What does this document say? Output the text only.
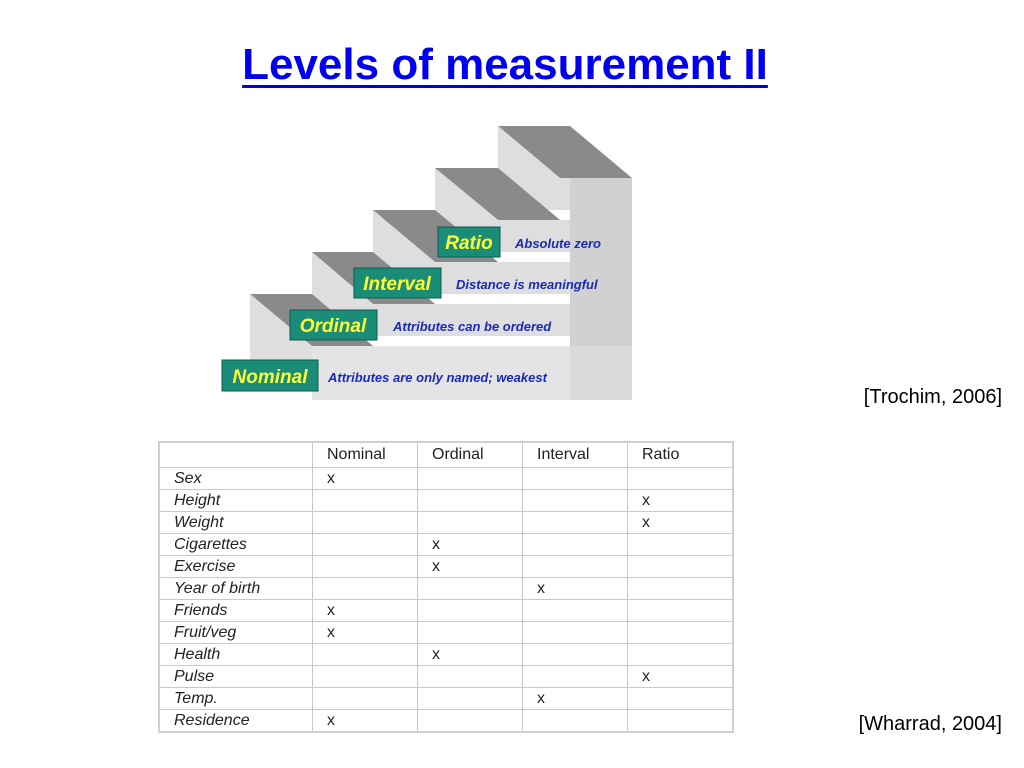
Levels of measurement II
Ratio Absolute zero
Interval Distance is meaningful
Ordinal Attributes can be ordered
Nominal Attributes are only named; weakest
[Trochim, 2006]
	Nominal	Ordinal	Interval	Ratio
Sex	x			
Height				x
Weight				x
Cigarettes		x		
Exercise		x		
Year of birth			x	
Friends	x			
Fruit/veg	x			
Health		x		
Pulse				x
Temp.			x	
Residence	x				[Wharrad, 2004]
